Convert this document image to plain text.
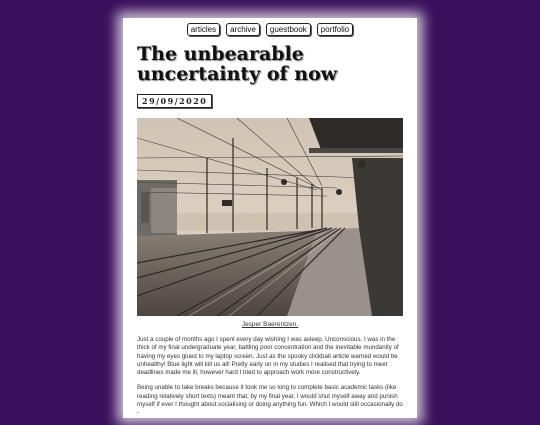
articles	archive	guestbook	portfolio
The unbearable uncertainty of now
29/09/2020
Jesper Baerentzen.

Just a couple of months ago I spent every day wishing I was asleep. Unconscious. I was in the thick of my final undergraduate year, battling poor concentration and the inevitable mundanity of having my eyes glued to my laptop screen. Just as the spooky clickbait article warned would be unhealthy! Blue light will kill us all! Pretty early on in my studies I realised that trying to meet deadlines made me ill, however hard I tried to approach work more constructively.

Being unable to take breaks because it took me so long to complete basic academic tasks (like reading relatively short texts) meant that, by my final year, I would shut myself away and punish myself if ever I thought about socialising or doing anything fun. Which I would still occasionally do -
